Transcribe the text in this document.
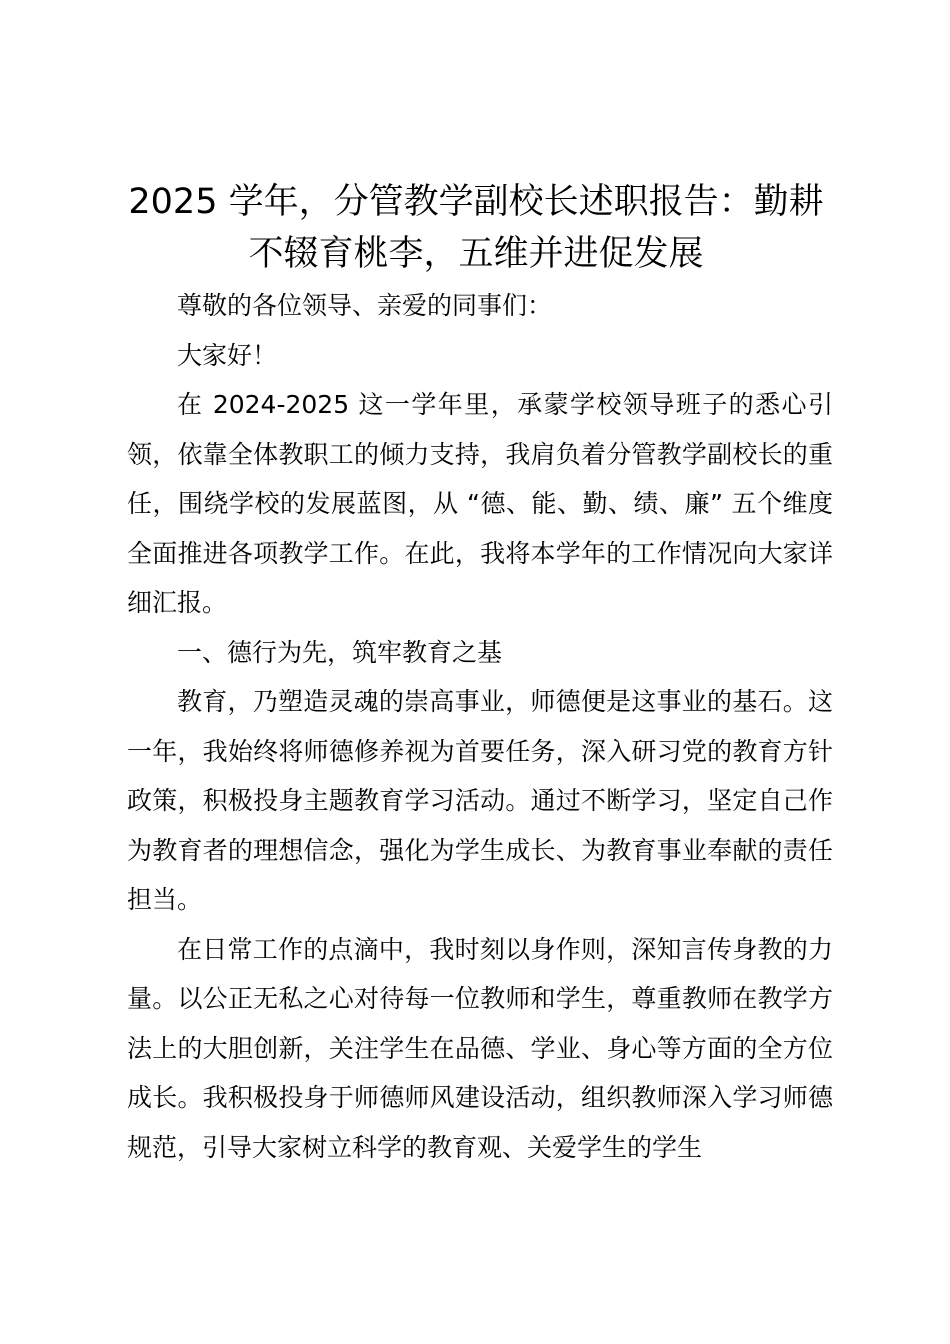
2025 学年，分管教学副校长述职报告：勤耕不辍育桃李，五维并进促发展

尊敬的各位领导、亲爱的同事们：

大家好！

在 2024-2025 这一学年里，承蒙学校领导班子的悉心引领，依靠全体教职工的倾力支持，我肩负着分管教学副校长的重任，围绕学校的发展蓝图，从 “德、能、勤、绩、廉” 五个维度全面推进各项教学工作。在此，我将本学年的工作情况向大家详细汇报。

一、德行为先，筑牢教育之基

教育，乃塑造灵魂的崇高事业，师德便是这事业的基石。这一年，我始终将师德修养视为首要任务，深入研习党的教育方针政策，积极投身主题教育学习活动。通过不断学习，坚定自己作为教育者的理想信念，强化为学生成长、为教育事业奉献的责任担当。

在日常工作的点滴中，我时刻以身作则，深知言传身教的力量。以公正无私之心对待每一位教师和学生，尊重教师在教学方法上的大胆创新，关注学生在品德、学业、身心等方面的全方位成长。我积极投身于师德师风建设活动，组织教师深入学习师德规范，引导大家树立科学的教育观、关爱学生的学生
